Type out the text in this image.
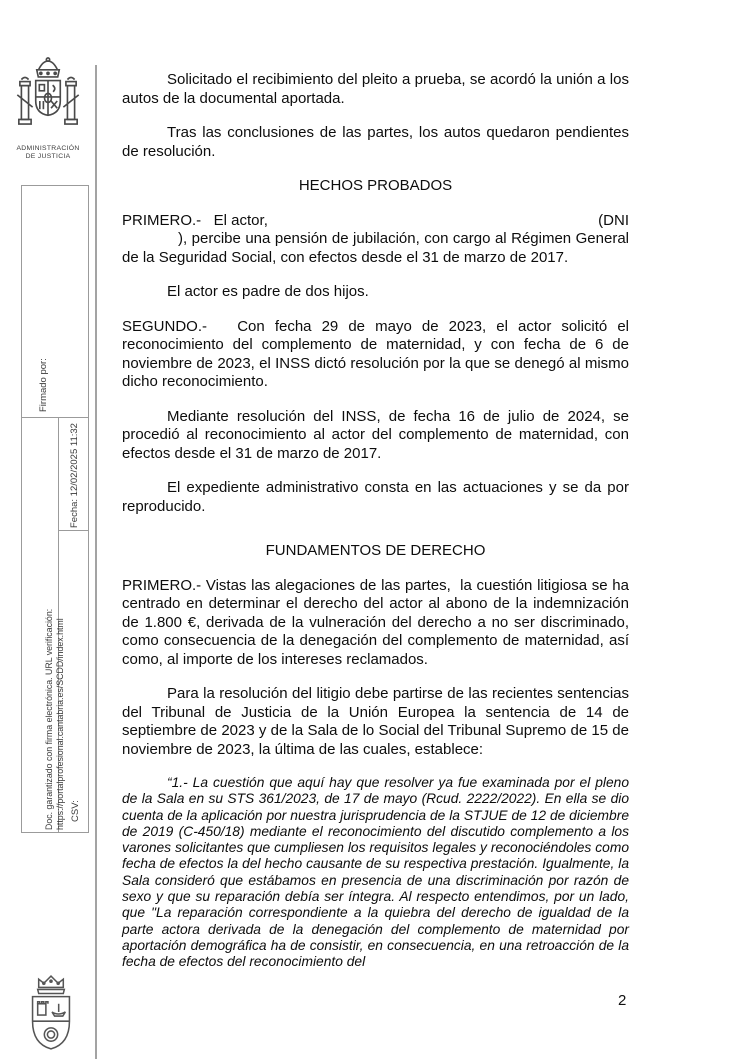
ADMINISTRACIÓN
DE JUSTICIA
Firmado por:
Fecha: 12/02/2025 11:32
Doc. garantizado con firma electrónica. URL verificación: https://portalprofesional.cantabria.es/SCDD/index.html CSV:

Solicitado el recibimiento del pleito a prueba, se acordó la unión a los autos de la documental aportada.

Tras las conclusiones de las partes, los autos quedaron pendientes de resolución.

HECHOS PROBADOS
PRIMERO.-   El actor,	(DNI

), percibe una pensión de jubilación, con cargo al Régimen General de la Seguridad Social, con efectos desde el 31 de marzo de 2017.

El actor es padre de dos hijos.

SEGUNDO.-   Con fecha 29 de mayo de 2023, el actor solicitó el reconocimiento del complemento de maternidad, y con fecha de 6 de noviembre de 2023, el INSS dictó resolución por la que se denegó al mismo dicho reconocimiento.

Mediante resolución del INSS, de fecha 16 de julio de 2024, se procedió al reconocimiento al actor del complemento de maternidad, con efectos desde el 31 de marzo de 2017.

El expediente administrativo consta en las actuaciones y se da por reproducido.

FUNDAMENTOS DE DERECHO

PRIMERO.- Vistas las alegaciones de las partes,  la cuestión litigiosa se ha centrado en determinar el derecho del actor al abono de la indemnización de 1.800 €, derivada de la vulneración del derecho a no ser discriminado, como consecuencia de la denegación del complemento de maternidad, así como, al importe de los intereses reclamados.

Para la resolución del litigio debe partirse de las recientes sentencias del Tribunal de Justicia de la Unión Europea la sentencia de 14 de septiembre de 2023 y de la Sala de lo Social del Tribunal Supremo de 15 de noviembre de 2023, la última de las cuales, establece:

“1.- La cuestión que aquí hay que resolver ya fue examinada por el pleno de la Sala en su STS 361/2023, de 17 de mayo (Rcud. 2222/2022). En ella se dio cuenta de la aplicación por nuestra jurisprudencia de la STJUE de 12 de diciembre de 2019 (C-450/18) mediante el reconocimiento del discutido complemento a los varones solicitantes que cumpliesen los requisitos legales y reconociéndoles como fecha de efectos la del hecho causante de su respectiva prestación. Igualmente, la Sala consideró que estábamos en presencia de una discriminación por razón de sexo y que su reparación debía ser íntegra. Al respecto entendimos, por un lado, que "La reparación correspondiente a la quiebra del derecho de igualdad de la parte actora derivada de la denegación del complemento de maternidad por aportación demográfica ha de consistir, en consecuencia, en una retroacción de la fecha de efectos del reconocimiento del

2
